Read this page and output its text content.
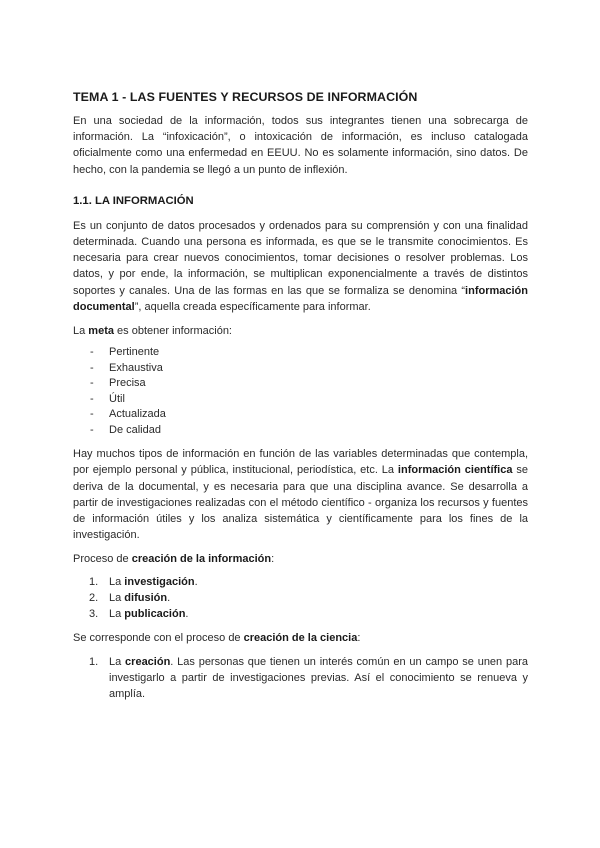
TEMA 1 - LAS FUENTES Y RECURSOS DE INFORMACIÓN

En una sociedad de la información, todos sus integrantes tienen una sobrecarga de información. La “infoxicación”, o intoxicación de información, es incluso catalogada oficialmente como una enfermedad en EEUU. No es solamente información, sino datos. De hecho, con la pandemia se llegó a un punto de inflexión.

1.1. LA INFORMACIÓN

Es un conjunto de datos procesados y ordenados para su comprensión y con una finalidad determinada. Cuando una persona es informada, es que se le transmite conocimientos. Es necesaria para crear nuevos conocimientos, tomar decisiones o resolver problemas. Los datos, y por ende, la información, se multiplican exponencialmente a través de distintos soportes y canales. Una de las formas en las que se formaliza se denomina “información documental”, aquella creada específicamente para informar.

La meta es obtener información:

- Pertinente
- Exhaustiva
- Precisa
- Útil
- Actualizada
- De calidad

Hay muchos tipos de información en función de las variables determinadas que contempla, por ejemplo personal y pública, institucional, periodística, etc. La información científica se deriva de la documental, y es necesaria para que una disciplina avance. Se desarrolla a partir de investigaciones realizadas con el método científico - organiza los recursos y fuentes de información útiles y los analiza sistemática y científicamente para los fines de la investigación.

Proceso de creación de la información:

1. La investigación.
2. La difusión.
3. La publicación.

Se corresponde con el proceso de creación de la ciencia:

1. La creación. Las personas que tienen un interés común en un campo se unen para investigarlo a partir de investigaciones previas. Así el conocimiento se renueva y amplía.
